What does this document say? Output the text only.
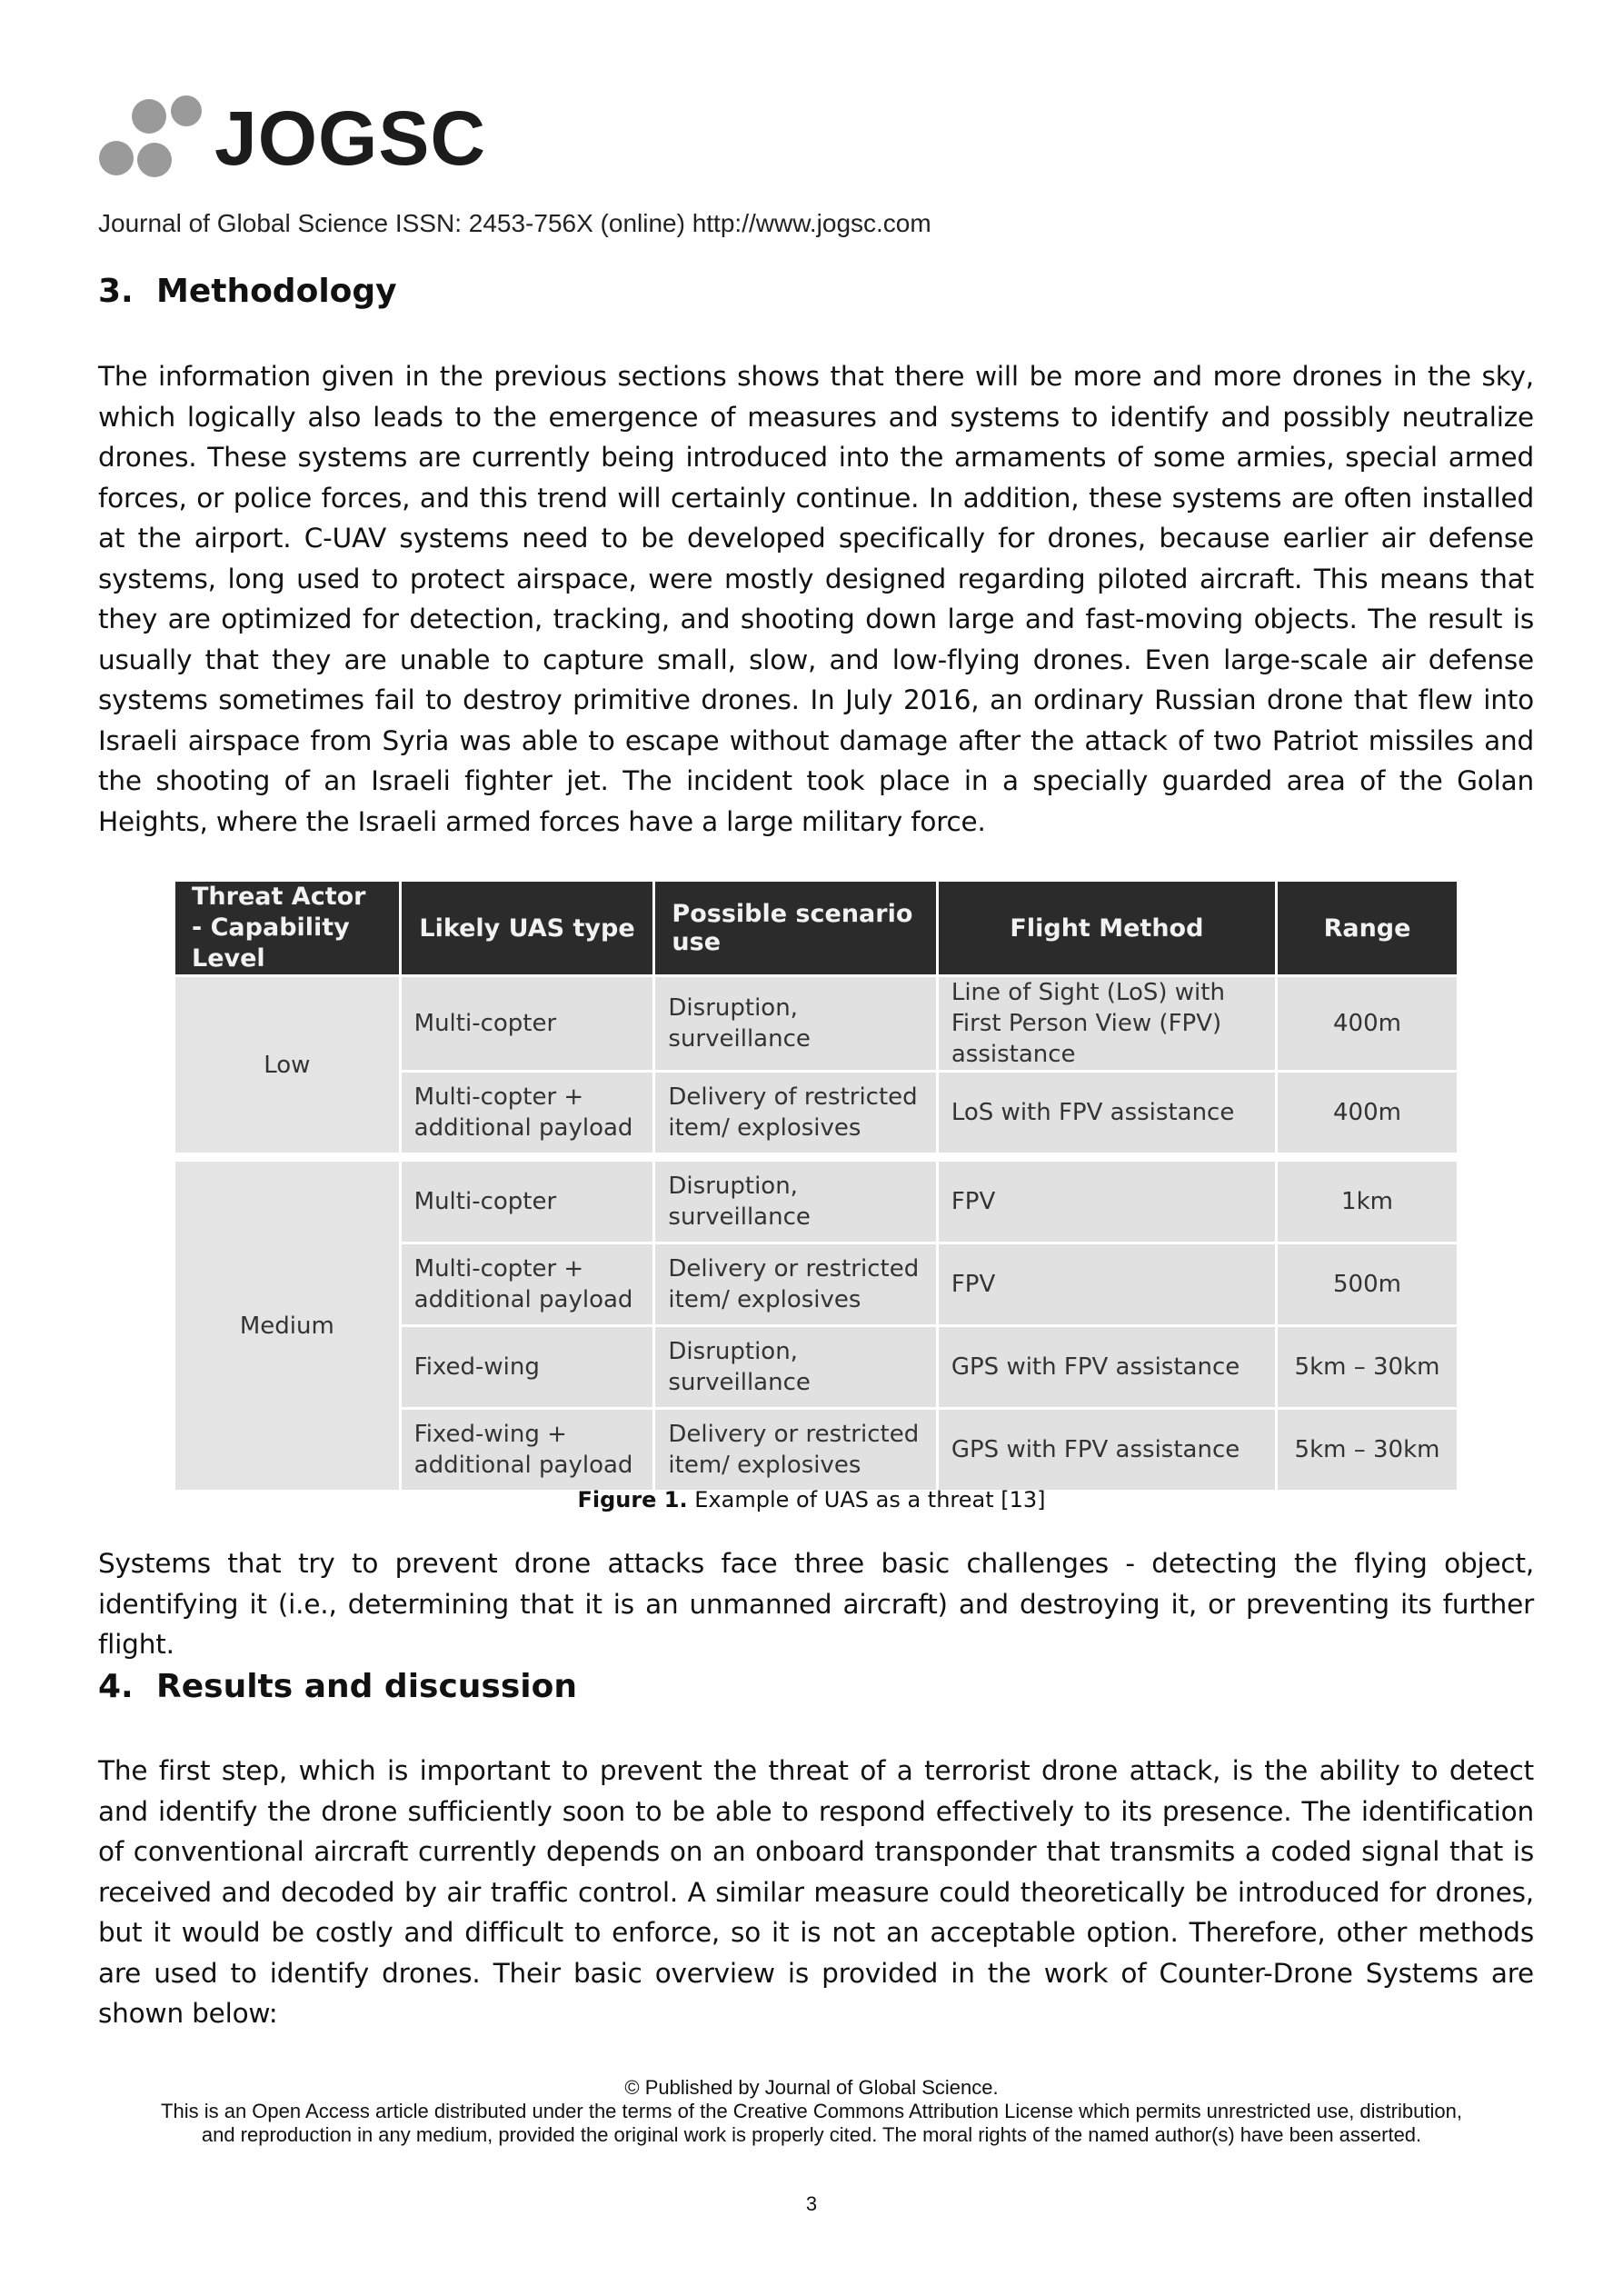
JOGSC
Journal of Global Science ISSN: 2453-756X (online) http://www.jogsc.com
3. Methodology
The information given in the previous sections shows that there will be more and more drones in the sky, which logically also leads to the emergence of measures and systems to identify and possibly neutralize drones. These systems are currently being introduced into the armaments of some armies, special armed forces, or police forces, and this trend will certainly continue. In addition, these systems are often installed at the airport. C-UAV systems need to be developed specifically for drones, because earlier air defense systems, long used to protect airspace, were mostly designed regarding piloted aircraft. This means that they are optimized for detection, tracking, and shooting down large and fast-moving objects. The result is usually that they are unable to capture small, slow, and low-flying drones. Even large-scale air defense systems sometimes fail to destroy primitive drones. In July 2016, an ordinary Russian drone that flew into Israeli airspace from Syria was able to escape without damage after the attack of two Patriot missiles and the shooting of an Israeli fighter jet. The incident took place in a specially guarded area of the Golan Heights, where the Israeli armed forces have a large military force.
Threat Actor - Capability Level	Likely UAS type	Possible scenario use	Flight Method	Range
Low	Multi-copter	Disruption, surveillance	Line of Sight (LoS) with First Person View (FPV) assistance	400m
	Multi-copter + additional payload	Delivery of restricted item/ explosives	LoS with FPV assistance	400m

Medium	Multi-copter	Disruption, surveillance	FPV	1km
	Multi-copter + additional payload	Delivery or restricted item/ explosives	FPV	500m
	Fixed-wing	Disruption, surveillance	GPS with FPV assistance	5km – 30km
	Fixed-wing + additional payload	Delivery or restricted item/ explosives	GPS with FPV assistance	5km – 30km
Figure 1. Example of UAS as a threat [13]
Systems that try to prevent drone attacks face three basic challenges - detecting the flying object, identifying it (i.e., determining that it is an unmanned aircraft) and destroying it, or preventing its further flight.
4. Results and discussion
The first step, which is important to prevent the threat of a terrorist drone attack, is the ability to detect and identify the drone sufficiently soon to be able to respond effectively to its presence. The identification of conventional aircraft currently depends on an onboard transponder that transmits a coded signal that is received and decoded by air traffic control. A similar measure could theoretically be introduced for drones, but it would be costly and difficult to enforce, so it is not an acceptable option. Therefore, other methods are used to identify drones. Their basic overview is provided in the work of Counter-Drone Systems are shown below:
© Published by Journal of Global Science.
This is an Open Access article distributed under the terms of the Creative Commons Attribution License which permits unrestricted use, distribution,
and reproduction in any medium, provided the original work is properly cited. The moral rights of the named author(s) have been asserted.
3
